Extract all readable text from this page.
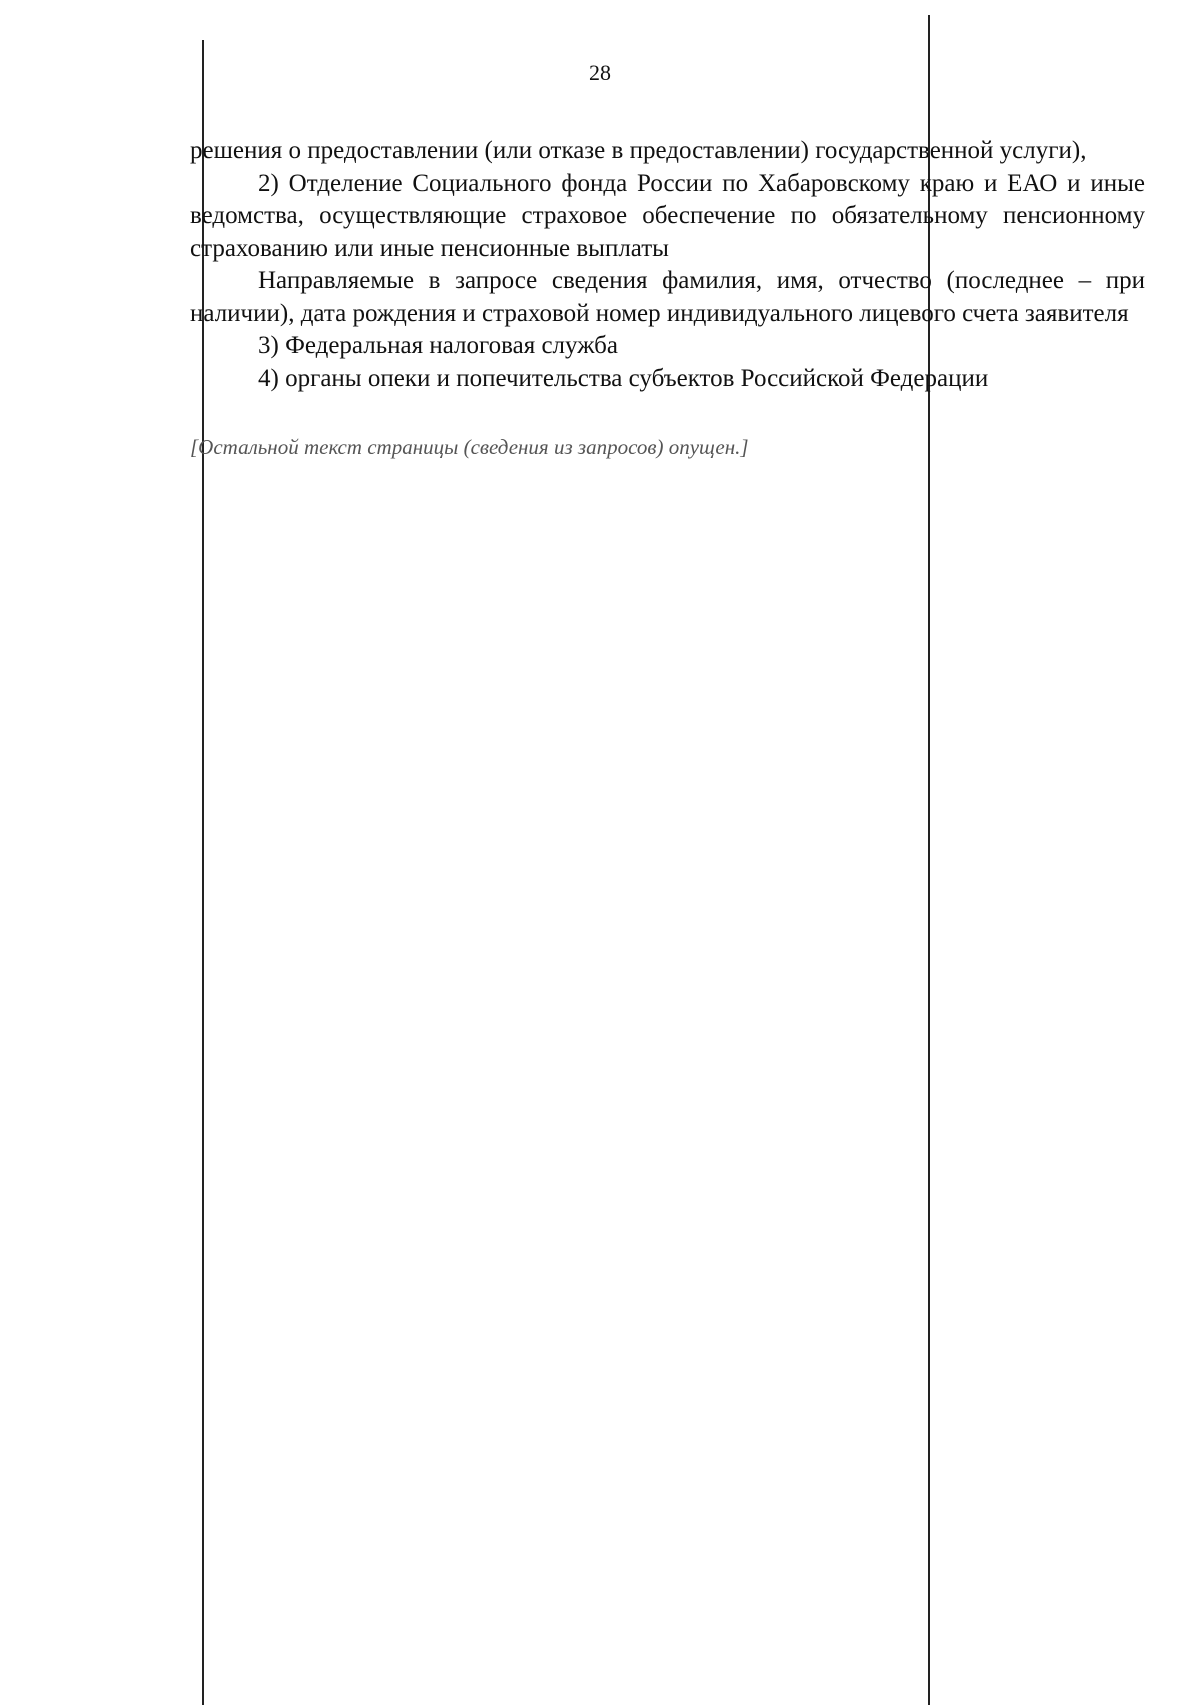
28

решения о предоставлении (или отказе в предоставлении) государственной услуги),

2) Отделение Социального фонда России по Хабаровскому краю и ЕАО и иные ведомства, осуществляющие страховое обеспечение по обязательному пенсионному страхованию или иные пенсионные выплаты

Направляемые в запросе сведения фамилия, имя, отчество (последнее – при наличии), дата рождения и страховой номер индивидуального лицевого счета заявителя

3) Федеральная налоговая служба

4) органы опеки и попечительства субъектов Российской Федерации

[Остальной текст страницы (сведения из запросов) опущен.]
